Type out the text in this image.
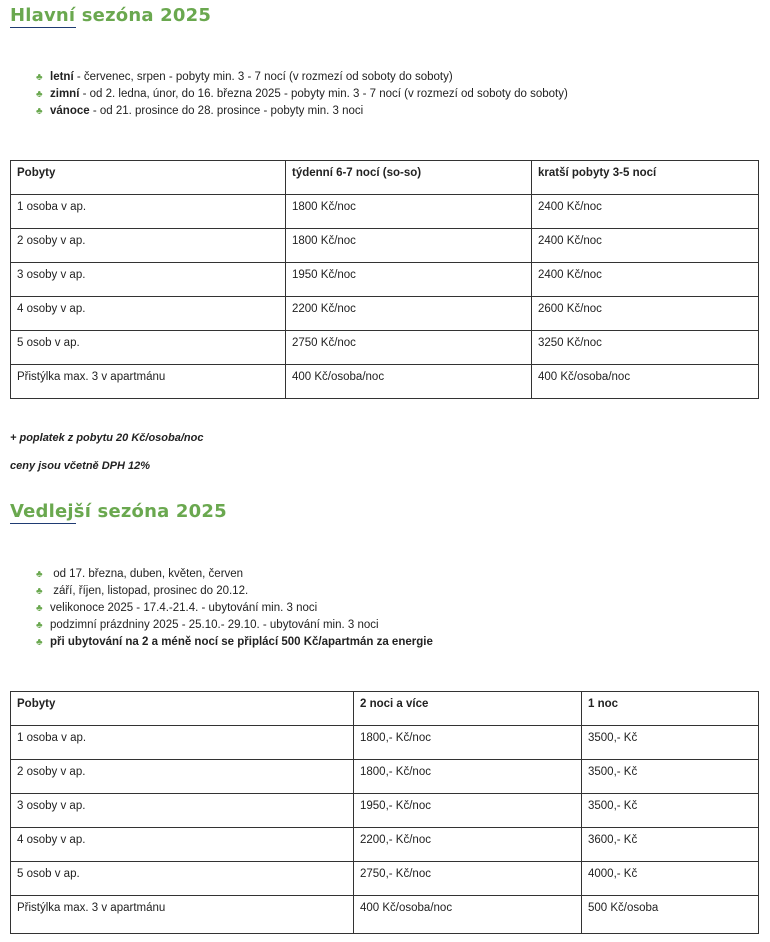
Hlavní sezóna 2025
♣ letní - červenec, srpen - pobyty min. 3 - 7 nocí (v rozmezí od soboty do soboty)
♣ zimní - od 2. ledna, únor, do 16. března 2025 - pobyty min. 3 - 7 nocí (v rozmezí od soboty do soboty)
♣ vánoce - od 21. prosince do 28. prosince - pobyty min. 3 noci
Pobyty	týdenní 6-7 nocí (so-so)	kratší pobyty 3-5 nocí
1 osoba v ap.	1800 Kč/noc	2400 Kč/noc
2 osoby v ap.	1800 Kč/noc	2400 Kč/noc
3 osoby v ap.	1950 Kč/noc	2400 Kč/noc
4 osoby v ap.	2200 Kč/noc	2600 Kč/noc
5 osob v ap.	2750 Kč/noc	3250 Kč/noc
Přistýlka max. 3 v apartmánu	400 Kč/osoba/noc	400 Kč/osoba/noc
+ poplatek z pobytu 20 Kč/osoba/noc
ceny jsou včetně DPH 12%
Vedlejší sezóna 2025
♣ od 17. března, duben, květen, červen
♣ září, říjen, listopad, prosinec do 20.12.
♣ velikonoce 2025 - 17.4.-21.4. - ubytování min. 3 noci
♣ podzimní prázdniny 2025 - 25.10.- 29.10. - ubytování min. 3 noci
♣ při ubytování na 2 a méně nocí se připlácí 500 Kč/apartmán za energie
Pobyty	2 noci a více	1 noc
1 osoba v ap.	1800,- Kč/noc	3500,- Kč
2 osoby v ap.	1800,- Kč/noc	3500,- Kč
3 osoby v ap.	1950,- Kč/noc	3500,- Kč
4 osoby v ap.	2200,- Kč/noc	3600,- Kč
5 osob v ap.	2750,- Kč/noc	4000,- Kč
Přistýlka max. 3 v apartmánu	400 Kč/osoba/noc	500 Kč/osoba
